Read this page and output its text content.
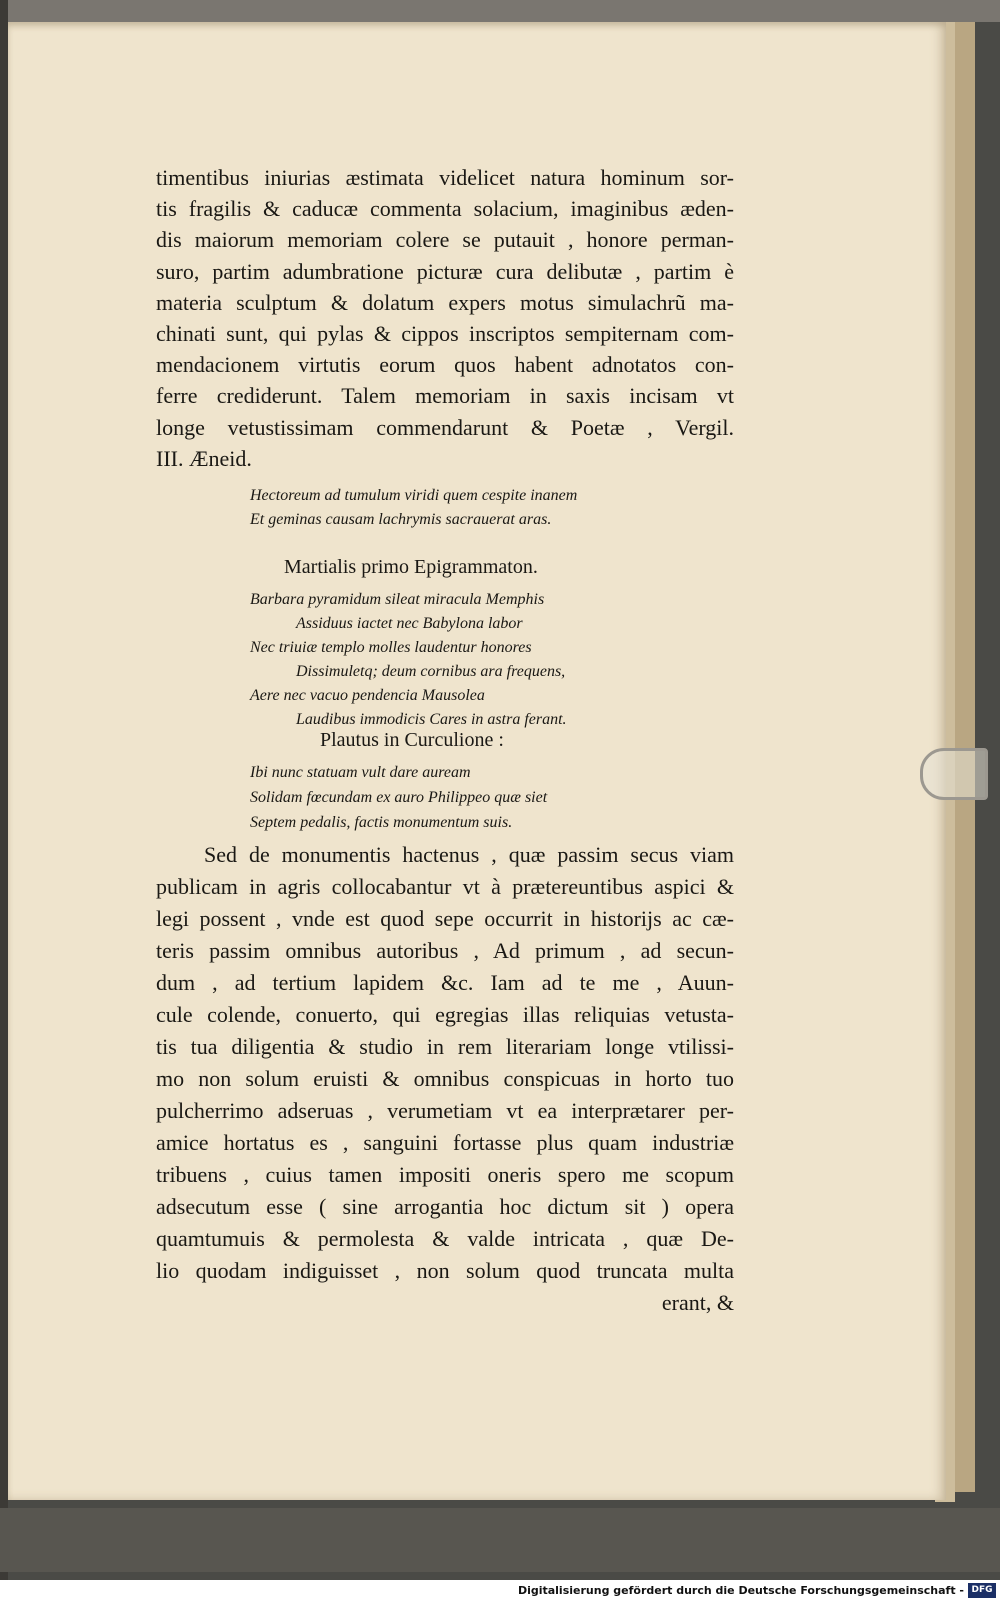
timentibus iniurias æstimata videlicet natura hominum sor-
tis fragilis & caducæ commenta solacium, imaginibus æden-
dis maiorum memoriam colere se putauit , honore perman-
suro, partim adumbratione picturæ cura delibutæ , partim è
materia sculptum & dolatum expers motus simulachrũ ma-
chinati sunt, qui pylas & cippos inscriptos sempiternam com-
mendacionem virtutis eorum quos habent adnotatos con-
ferre crediderunt. Talem memoriam in saxis incisam vt
longe vetustissimam commendarunt & Poetæ , Vergil.
III. Æneid.
Hectoreum ad tumulum viridi quem cespite inanem
Et geminas causam lachrymis sacrauerat aras.
Martialis primo Epigrammaton.
Barbara pyramidum sileat miracula Memphis
Assiduus iactet nec Babylona labor
Nec triuiæ templo molles laudentur honores
Dissimuletq; deum cornibus ara frequens,
Aere nec vacuo pendencia Mausolea
Laudibus immodicis Cares in astra ferant.
Plautus in Curculione :
Ibi nunc statuam vult dare auream
Solidam fœcundam ex auro Philippeo quæ siet
Septem pedalis, factis monumentum suis.
Sed de monumentis hactenus , quæ passim secus viam
publicam in agris collocabantur vt à prætereuntibus aspici &
legi possent , vnde est quod sepe occurrit in historijs ac cæ-
teris passim omnibus autoribus , Ad primum , ad secun-
dum , ad tertium lapidem &c. Iam ad te me , Auun-
cule colende, conuerto, qui egregias illas reliquias vetusta-
tis tua diligentia & studio in rem literariam longe vtilissi-
mo non solum eruisti & omnibus conspicuas in horto tuo
pulcherrimo adseruas , verumetiam vt ea interprætarer per-
amice hortatus es , sanguini fortasse plus quam industriæ
tribuens , cuius tamen impositi oneris spero me scopum
adsecutum esse ( sine arrogantia hoc dictum sit ) opera
quamtumuis & permolesta & valde intricata , quæ De-
lio quodam indiguisset , non solum quod truncata multa
erant, &
Digitalisierung gefördert durch die Deutsche Forschungsgemeinschaft - DFG
